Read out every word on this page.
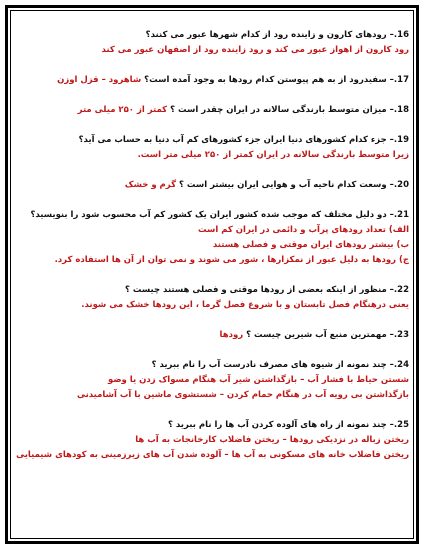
16.– رودهای کارون و زاینده رود از کدام شهرها عبور می کنند؟
رود کارون از اهواز عبور می کند و رود زاینده رود از اصفهان عبور می کند
17.– سفیدرود از به هم پیوستن کدام رودها به وجود آمده است؟ شاهرود – قزل اوزن
18.– میزان متوسط بارندگی سالانه در ایران چقدر است ؟ کمتر از ۲۵۰ میلی متر
19.– جزء کدام کشورهای دنیا ایران جزء کشورهای کم آب دنیا به حساب می آید؟
زیرا متوسط بارندگی سالانه در ایران کمتر از ۲۵۰ میلی متر است.
20.– وسعت کدام ناحیه آب و هوایی ایران بیشتر است ؟ گرم و خشک
21.– دو دلیل مختلف که موجب شده کشور ایران یک کشور کم آب محسوب شود را بنویسید؟
الف) تعداد رودهای پرآب و دائمی در ایران کم است
ب) بیشتر رودهای ایران موقتی و فصلی هستند
ج) رودها به دلیل عبور از نمکزارها ، شور می شوند و نمی توان از آن ها استفاده کرد.
22.– منظور از اینکه بعضی از رودها موقتی و فصلی هستند چیست ؟
یعنی درهنگام فصل تابستان و با شروع فصل گرما ، این رودها خشک می شوند.
23.– مهمترین منبع آب شیرین چیست ؟ رودها
24.– چند نمونه از شیوه های مصرف نادرست آب را نام ببرید ؟
شستن حیاط با فشار آب – بازگذاشتن شیر آب هنگام مسواک زدن یا وضو
بازگذاشتن بی رویه آب در هنگام حمام کردن – شستشوی ماشین با آب آشامیدنی
25.– چند نمونه از راه های آلوده کردن آب ها را نام ببرید ؟
ریختن زباله در نزدیکی رودها – ریختن فاضلاب کارخانجات به آب ها
ریختن فاضلاب خانه های مسکونی به آب ها – آلوده شدن آب های زیرزمینی به کودهای شیمیایی
